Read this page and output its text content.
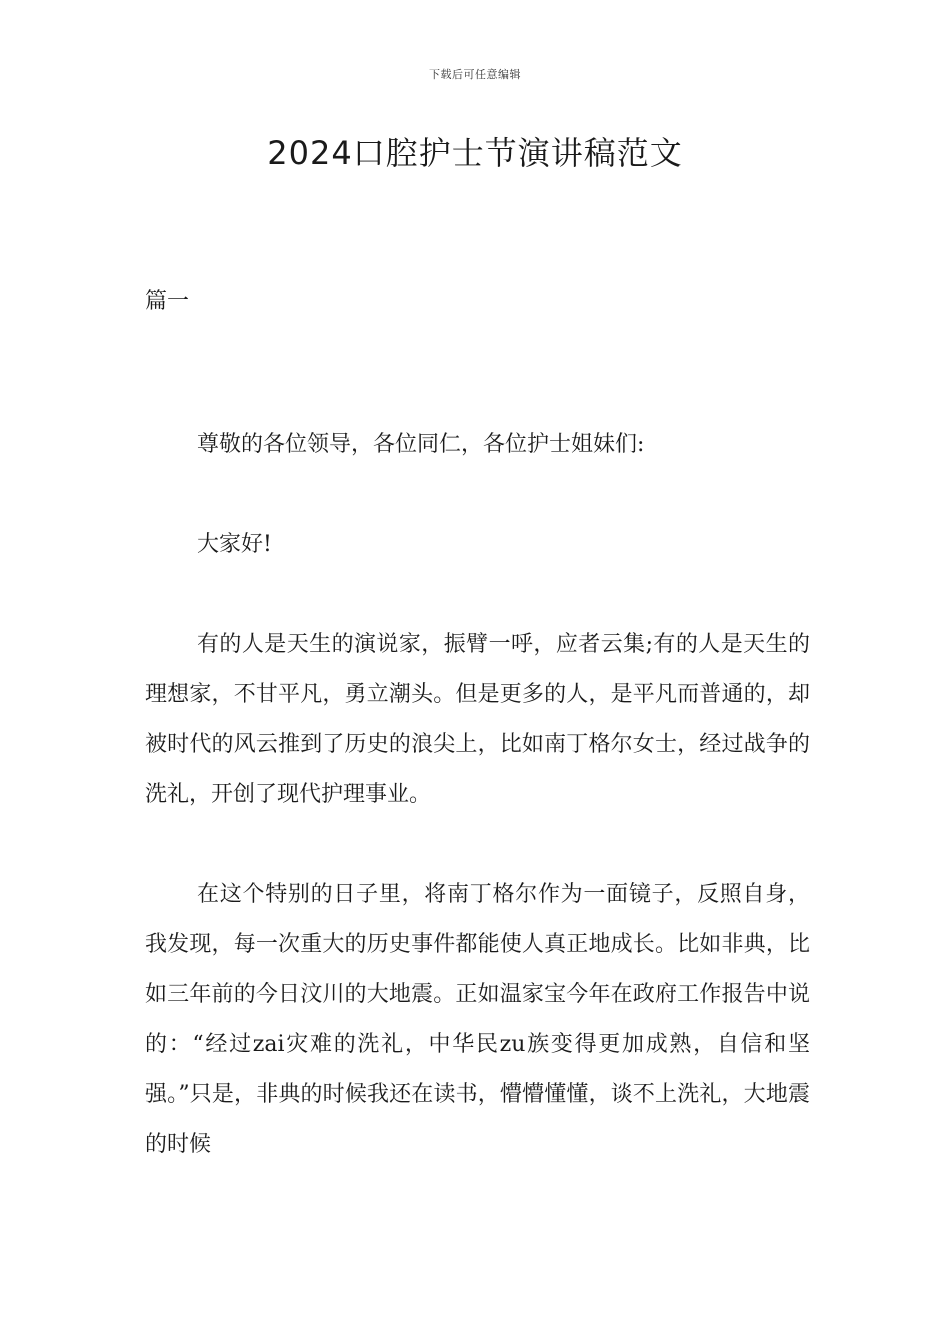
下载后可任意编辑
2024口腔护士节演讲稿范文
篇一

尊敬的各位领导，各位同仁，各位护士姐妹们:

大家好!

有的人是天生的演说家，振臂一呼，应者云集;有的人是天生的理想家，不甘平凡，勇立潮头。但是更多的人，是平凡而普通的，却被时代的风云推到了历史的浪尖上，比如南丁格尔女士，经过战争的洗礼，开创了现代护理事业。

在这个特别的日子里，将南丁格尔作为一面镜子，反照自身，我发现，每一次重大的历史事件都能使人真正地成长。比如非典，比如三年前的今日汶川的大地震。正如温家宝今年在政府工作报告中说的：“经过zai灾难的洗礼，中华民zu族变得更加成熟，自信和坚强。”只是，非典的时候我还在读书，懵懵懂懂，谈不上洗礼，大地震的时候
